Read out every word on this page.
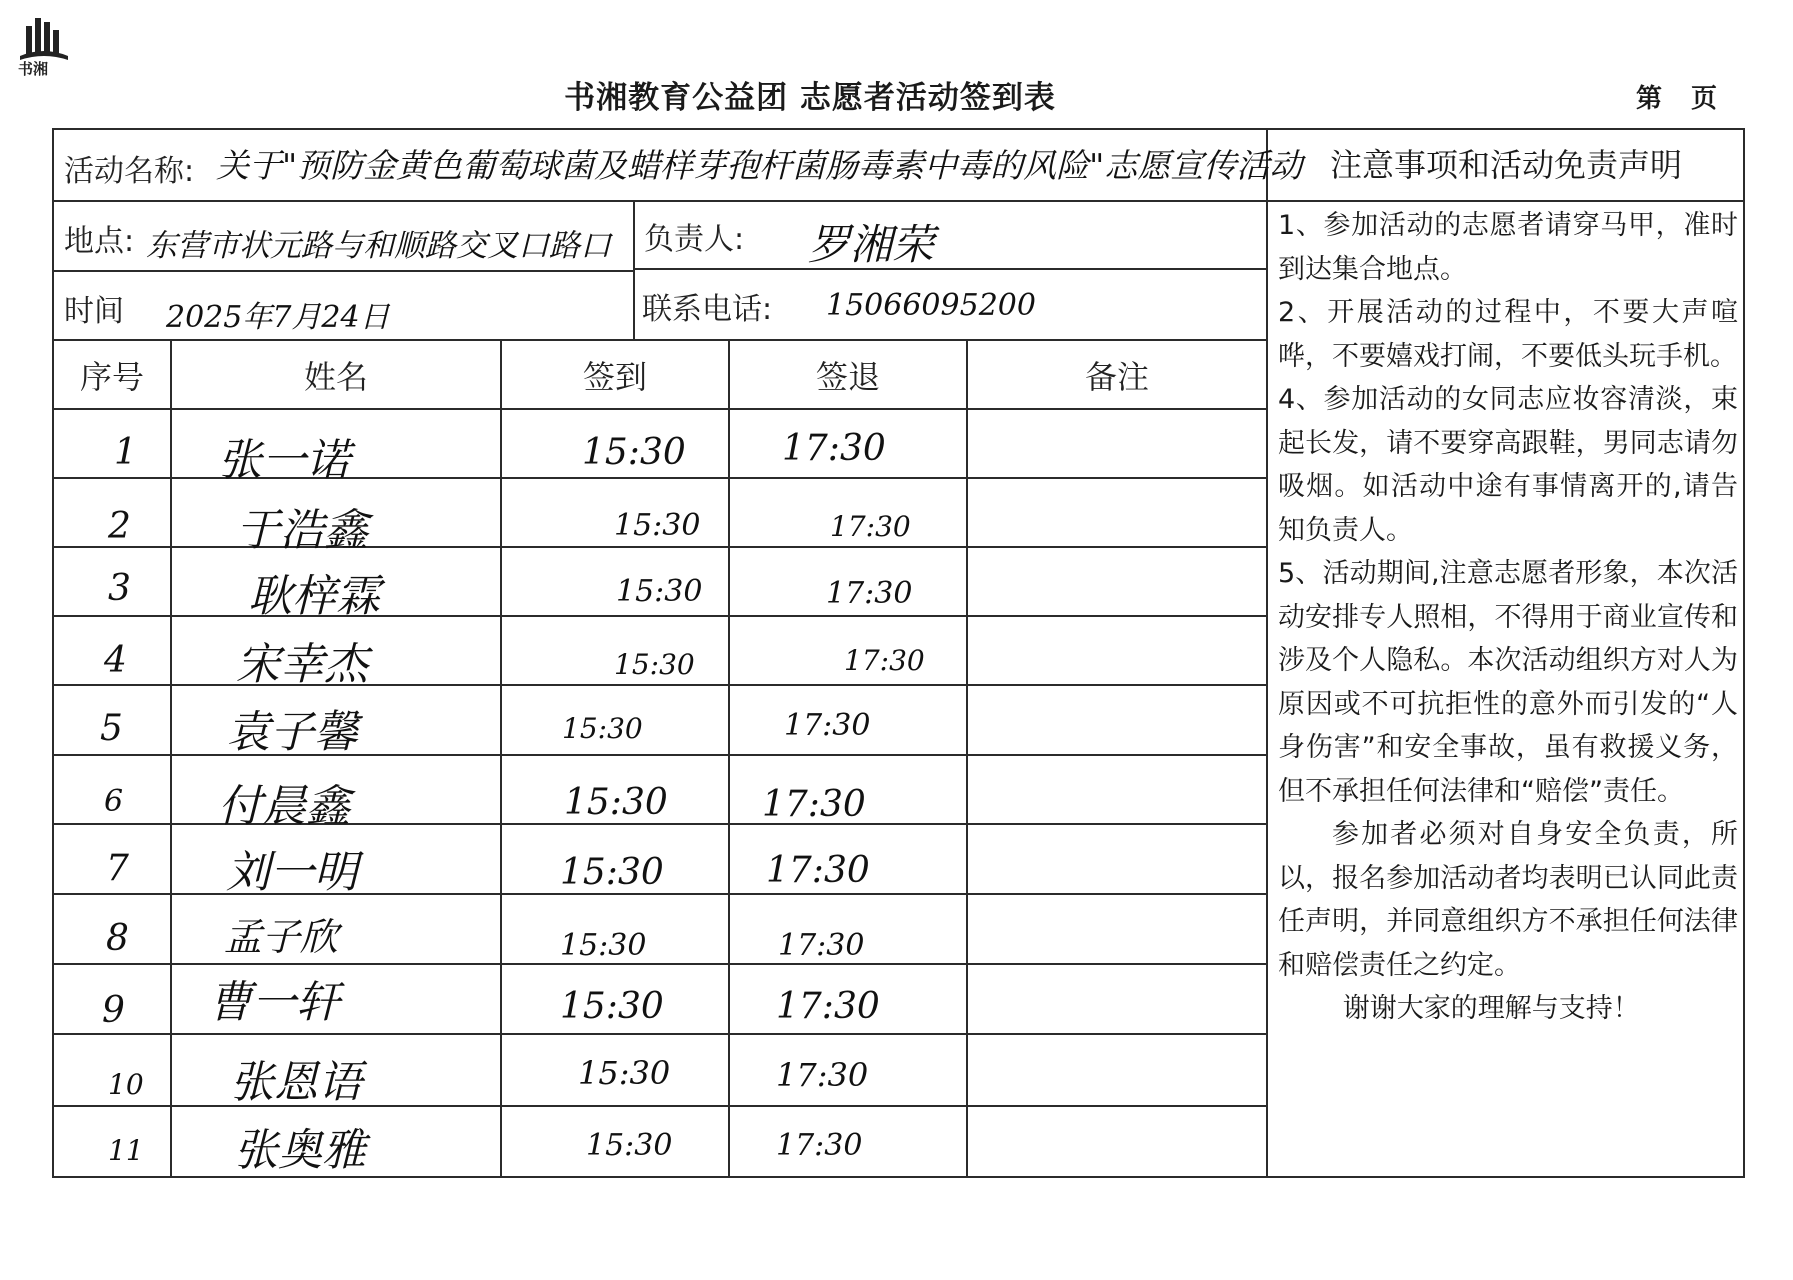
书湘
书湘教育公益团 志愿者活动签到表	第 页
活动名称: 关于"预防金黄色葡萄球菌及蜡样芽孢杆菌肠毒素中毒的风险"志愿宣传活动
地点: 东营市状元路与和顺路交叉口路口 负责人: 罗湘荣
时间 2025年7月24日	联系电话: 15066095200
序号	姓名	签到	签退	备注
1 张一诺	15:30	17:30
2 于浩鑫	15:30	17:30
3	耿梓霖	15:30	17:30
4 宋幸杰	15:30	17:30
5 袁子馨	15:30	17:30
6 付晨鑫	15:30	17:30
7 刘一明	15:30	17:30
8	孟子欣	15:30	17:30
9 曹一轩	15:30	17:30
10 张恩语	15:30	17:30
11 张奥雅	15:30	17:30
注意事项和活动免责声明

1、参加活动的志愿者请穿马甲，准时到达集合地点。

2、开展活动的过程中，不要大声喧哗，不要嬉戏打闹，不要低头玩手机。

4、参加活动的女同志应妆容清淡，束起长发，请不要穿高跟鞋，男同志请勿吸烟。如活动中途有事情离开的,请告知负责人。

5、活动期间,注意志愿者形象，本次活动安排专人照相，不得用于商业宣传和涉及个人隐私。本次活动组织方对人为原因或不可抗拒性的意外而引发的“人身伤害”和安全事故，虽有救援义务，但不承担任何法律和“赔偿”责任。

参加者必须对自身安全负责，所以，报名参加活动者均表明已认同此责任声明，并同意组织方不承担任何法律和赔偿责任之约定。

谢谢大家的理解与支持！
